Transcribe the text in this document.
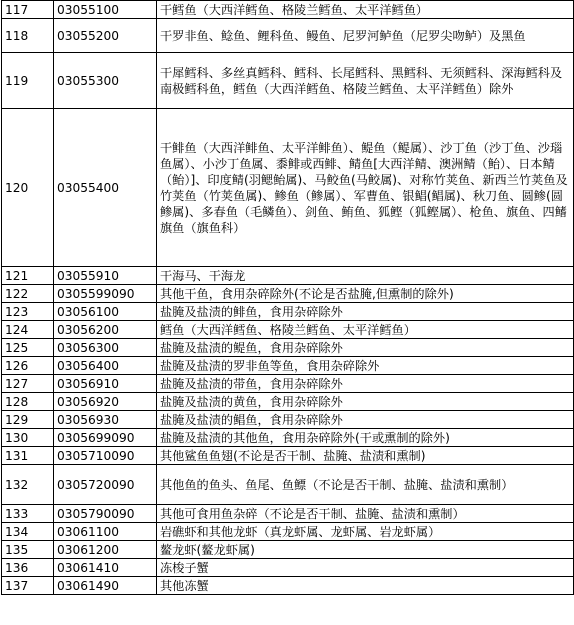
117	03055100	干鳕鱼（大西洋鳕鱼、格陵兰鳕鱼、太平洋鳕鱼）
118	03055200	干罗非鱼、鲶鱼、鲤科鱼、鳗鱼、尼罗河鲈鱼（尼罗尖吻鲈）及黑鱼
119	03055300	干犀鳕科、多丝真鳕科、鳕科、长尾鳕科、黑鳕科、无须鳕科、深海鳕科及南极鳕科鱼，鳕鱼（大西洋鳕鱼、格陵兰鳕鱼、太平洋鳕鱼）除外
120	03055400	干鲱鱼（大西洋鲱鱼、太平洋鲱鱼）、鳀鱼（鳀属）、沙丁鱼（沙丁鱼、沙瑙鱼属）、小沙丁鱼属、黍鲱或西鲱、鲭鱼[大西洋鲭、澳洲鲭（鲐）、日本鲭（鲐）]、印度鲭(羽鳃鲐属)、马鲛鱼(马鲛属)、对称竹荚鱼、新西兰竹荚鱼及竹荚鱼（竹荚鱼属)、鲹鱼（鲹属）、军曹鱼、银鲳(鲳属)、秋刀鱼、圆鲹(圆鲹属)、多春鱼（毛鳞鱼）、剑鱼、鲔鱼、狐鲣（狐鲣属）、枪鱼、旗鱼、四鳍旗鱼（旗鱼科）
121	03055910	干海马、干海龙
122	0305599090	其他干鱼，食用杂碎除外(不论是否盐腌,但熏制的除外)
123	03056100	盐腌及盐渍的鲱鱼，食用杂碎除外
124	03056200	鳕鱼（大西洋鳕鱼、格陵兰鳕鱼、太平洋鳕鱼）
125	03056300	盐腌及盐渍的鳀鱼，食用杂碎除外
126	03056400	盐腌及盐渍的罗非鱼等鱼，食用杂碎除外
127	03056910	盐腌及盐渍的带鱼，食用杂碎除外
128	03056920	盐腌及盐渍的黄鱼，食用杂碎除外
129	03056930	盐腌及盐渍的鲳鱼，食用杂碎除外
130	0305699090	盐腌及盐渍的其他鱼，食用杂碎除外(干或熏制的除外)
131	0305710090	其他鲨鱼鱼翅(不论是否干制、盐腌、盐渍和熏制)
132	0305720090	其他鱼的鱼头、鱼尾、鱼鳔（不论是否干制、盐腌、盐渍和熏制）
133	0305790090	其他可食用鱼杂碎（不论是否干制、盐腌、盐渍和熏制）
134	03061100	岩礁虾和其他龙虾（真龙虾属、龙虾属、岩龙虾属）
135	03061200	鳌龙虾(鳌龙虾属)
136	03061410	冻梭子蟹
137	03061490	其他冻蟹
